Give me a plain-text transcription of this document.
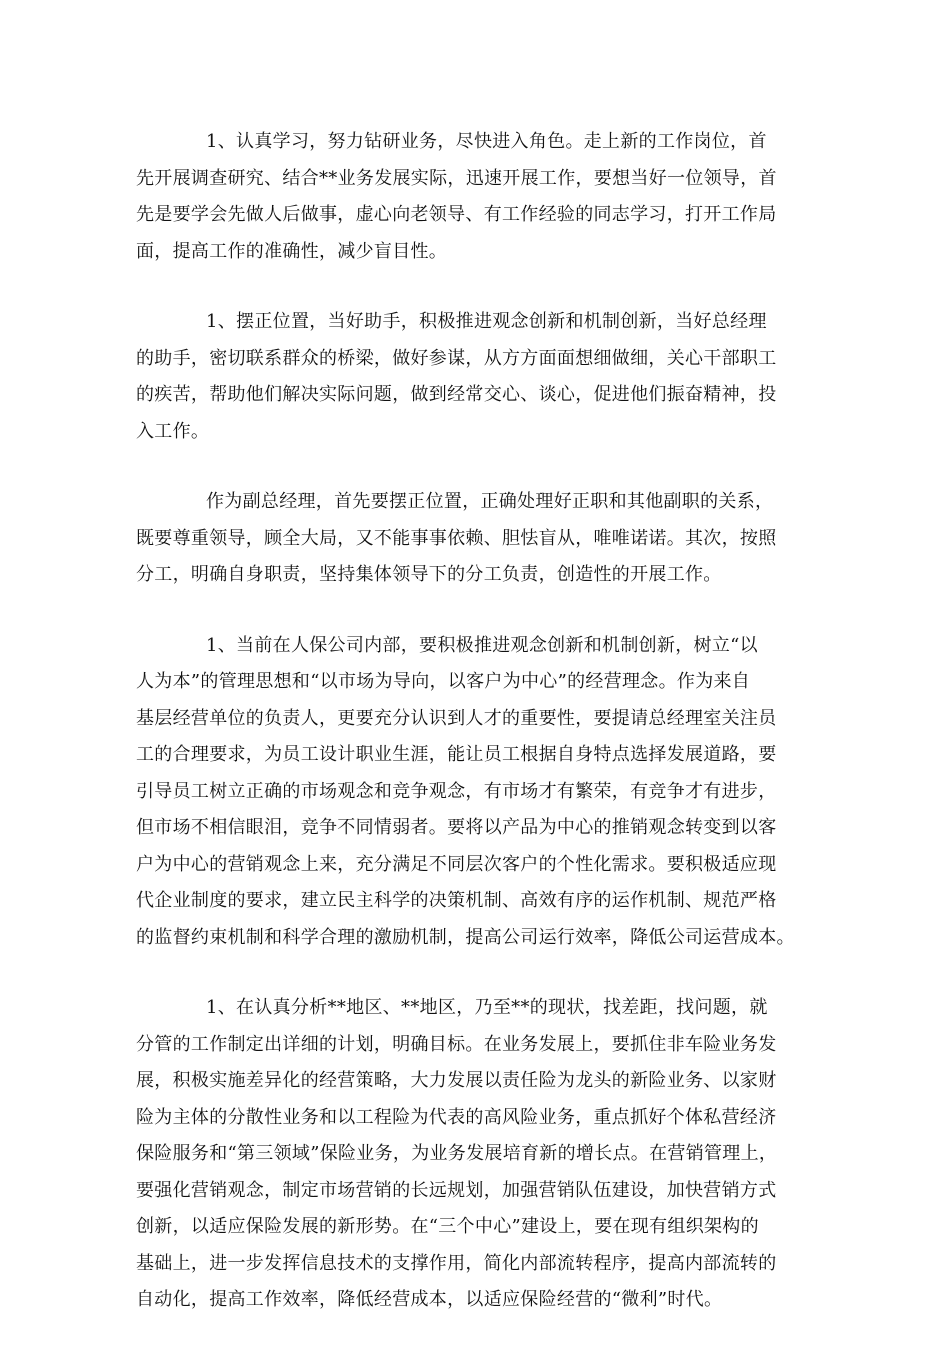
1、认真学习，努力钻研业务，尽快进入角色。走上新的工作岗位，首
先开展调查研究、结合**业务发展实际，迅速开展工作，要想当好一位领导，首
先是要学会先做人后做事，虚心向老领导、有工作经验的同志学习，打开工作局
面，提高工作的准确性，减少盲目性。

1、摆正位置，当好助手，积极推进观念创新和机制创新，当好总经理
的助手，密切联系群众的桥梁，做好参谋，从方方面面想细做细，关心干部职工
的疾苦，帮助他们解决实际问题，做到经常交心、谈心，促进他们振奋精神，投
入工作。

作为副总经理，首先要摆正位置，正确处理好正职和其他副职的关系，
既要尊重领导，顾全大局，又不能事事依赖、胆怯盲从，唯唯诺诺。其次，按照
分工，明确自身职责，坚持集体领导下的分工负责，创造性的开展工作。

1、当前在人保公司内部，要积极推进观念创新和机制创新，树立“以
人为本”的管理思想和“以市场为导向，以客户为中心”的经营理念。作为来自
基层经营单位的负责人，更要充分认识到人才的重要性，要提请总经理室关注员
工的合理要求，为员工设计职业生涯，能让员工根据自身特点选择发展道路，要
引导员工树立正确的市场观念和竞争观念，有市场才有繁荣，有竞争才有进步，
但市场不相信眼泪，竞争不同情弱者。要将以产品为中心的推销观念转变到以客
户为中心的营销观念上来，充分满足不同层次客户的个性化需求。要积极适应现
代企业制度的要求，建立民主科学的决策机制、高效有序的运作机制、规范严格
的监督约束机制和科学合理的激励机制，提高公司运行效率，降低公司运营成本。

1、在认真分析**地区、**地区，乃至**的现状，找差距，找问题，就
分管的工作制定出详细的计划，明确目标。在业务发展上，要抓住非车险业务发
展，积极实施差异化的经营策略，大力发展以责任险为龙头的新险业务、以家财
险为主体的分散性业务和以工程险为代表的高风险业务，重点抓好个体私营经济
保险服务和“第三领域”保险业务，为业务发展培育新的增长点。在营销管理上，
要强化营销观念，制定市场营销的长远规划，加强营销队伍建设，加快营销方式
创新，以适应保险发展的新形势。在“三个中心”建设上，要在现有组织架构的
基础上，进一步发挥信息技术的支撑作用，简化内部流转程序，提高内部流转的
自动化，提高工作效率，降低经营成本，以适应保险经营的“微利”时代。
